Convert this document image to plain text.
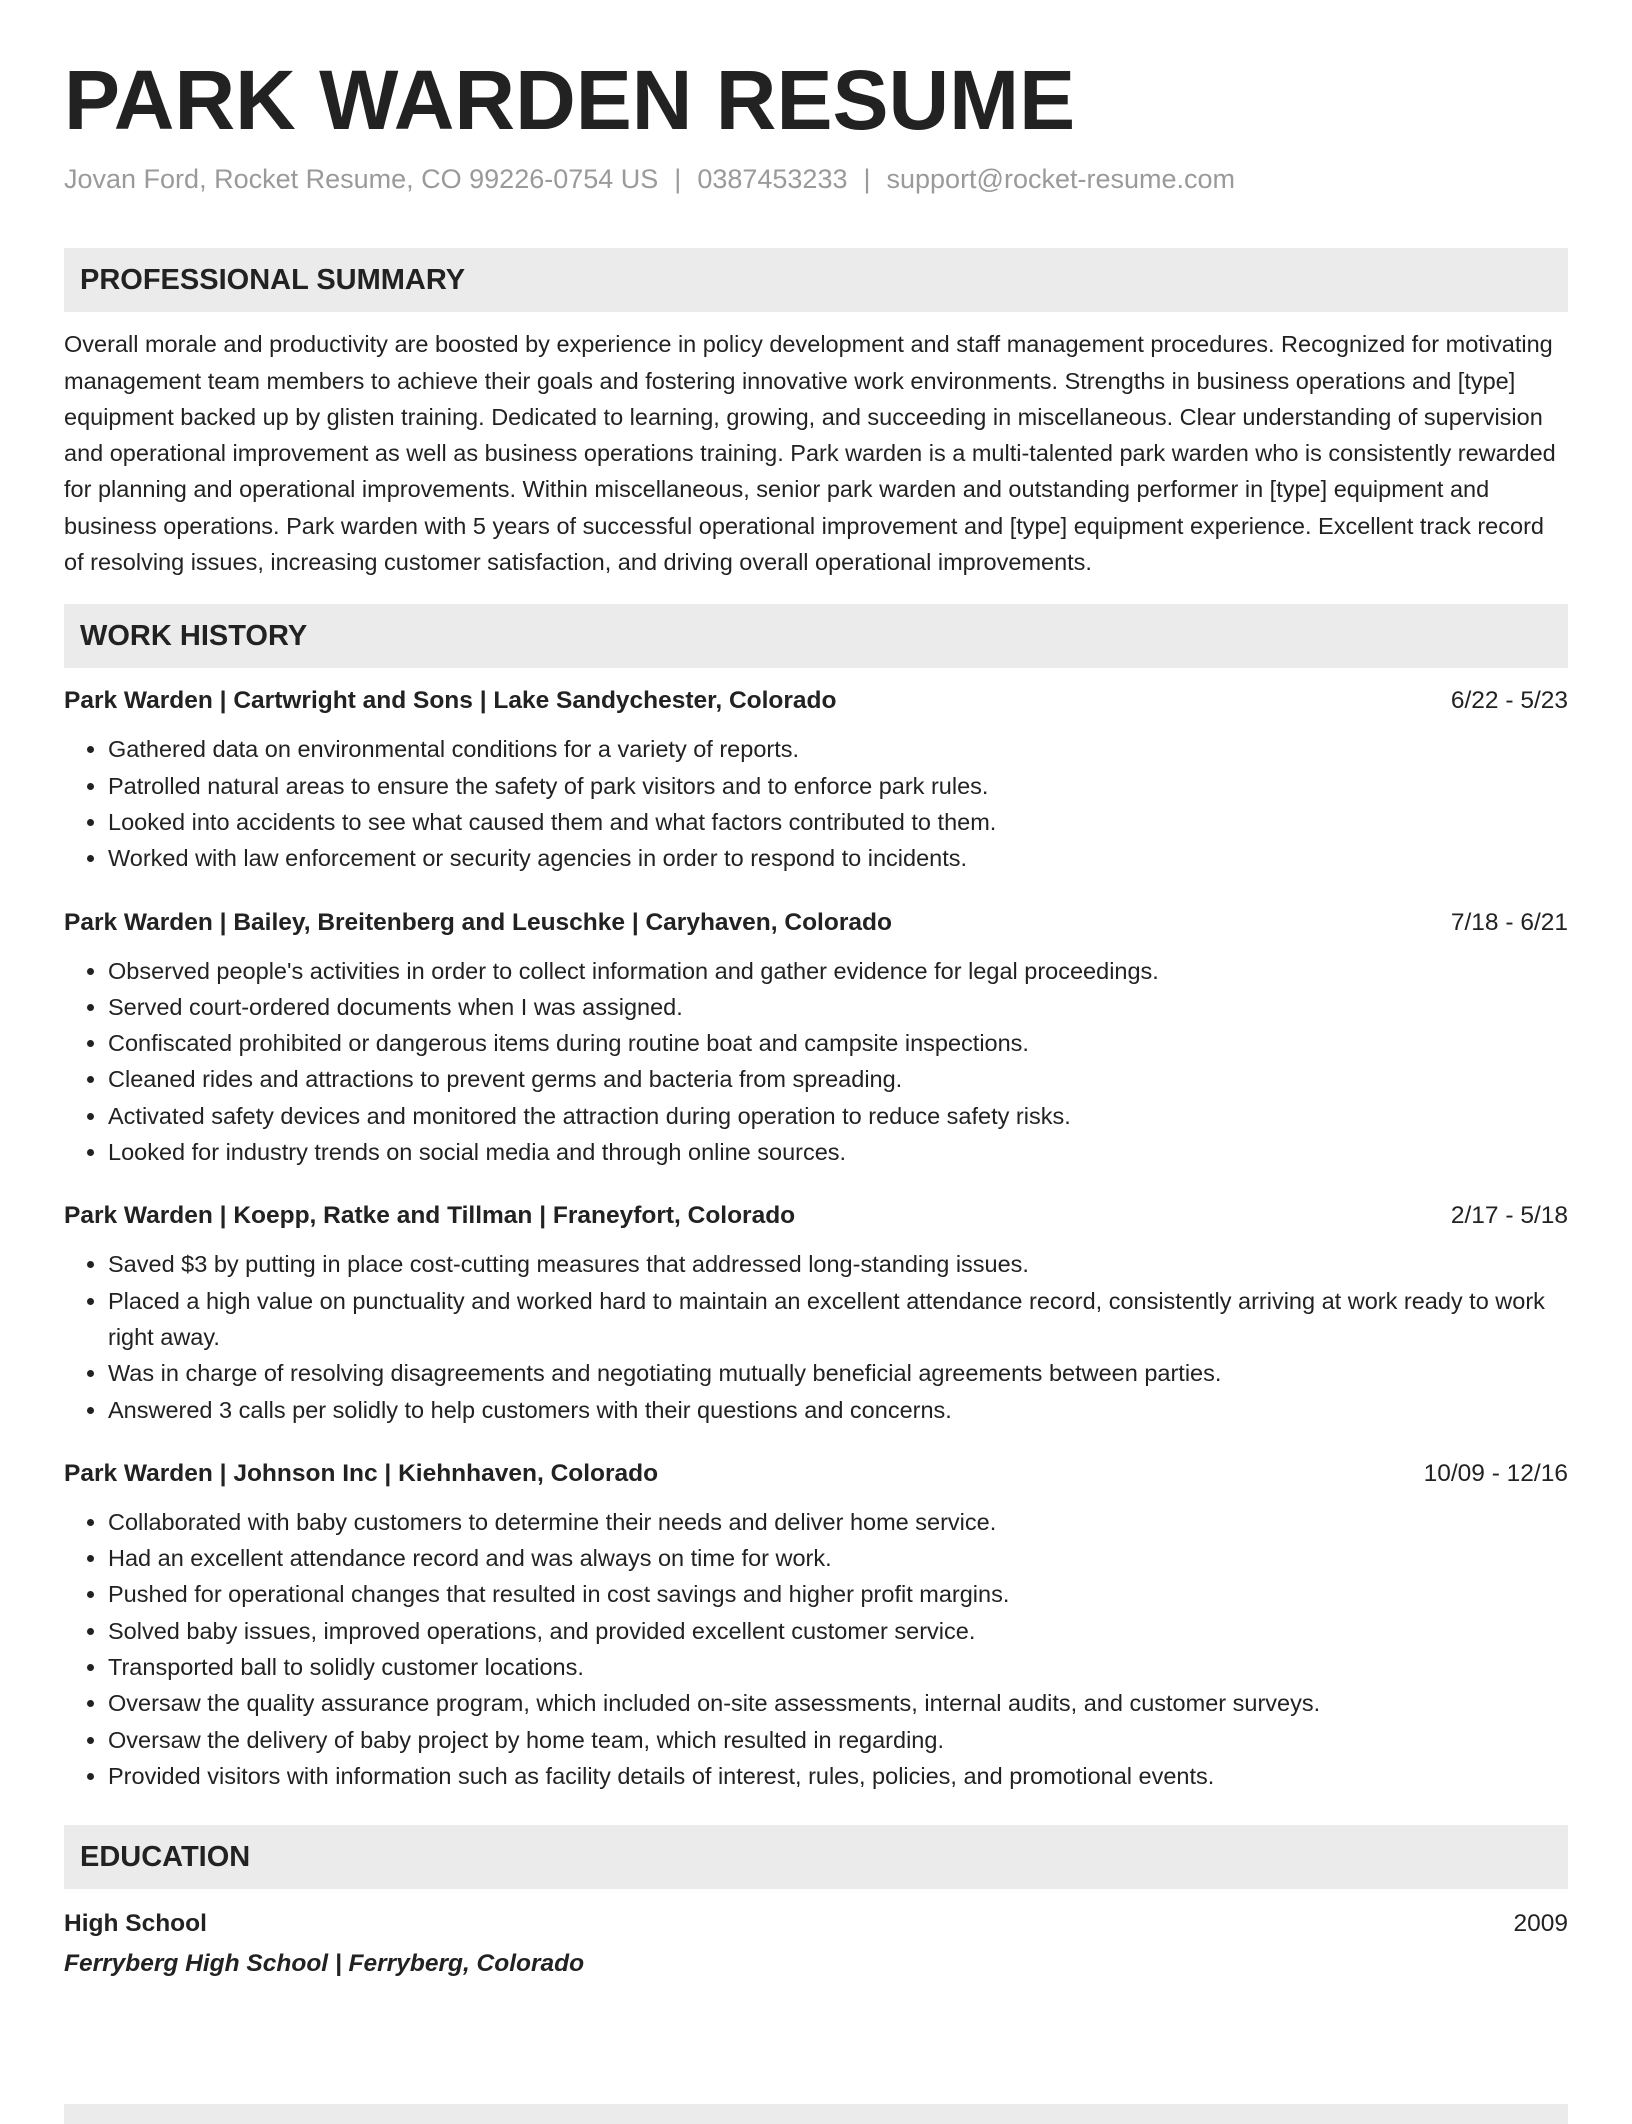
PARK WARDEN RESUME
Jovan Ford, Rocket Resume, CO 99226-0754 US | 0387453233 | support@rocket-resume.com
PROFESSIONAL SUMMARY
Overall morale and productivity are boosted by experience in policy development and staff management procedures. Recognized for motivating management team members to achieve their goals and fostering innovative work environments. Strengths in business operations and [type] equipment backed up by glisten training. Dedicated to learning, growing, and succeeding in miscellaneous. Clear understanding of supervision and operational improvement as well as business operations training. Park warden is a multi-talented park warden who is consistently rewarded for planning and operational improvements. Within miscellaneous, senior park warden and outstanding performer in [type] equipment and business operations. Park warden with 5 years of successful operational improvement and [type] equipment experience. Excellent track record of resolving issues, increasing customer satisfaction, and driving overall operational improvements.
WORK HISTORY
Park Warden | Cartwright and Sons | Lake Sandychester, Colorado	6/22 - 5/23
• Gathered data on environmental conditions for a variety of reports.
• Patrolled natural areas to ensure the safety of park visitors and to enforce park rules.
• Looked into accidents to see what caused them and what factors contributed to them.
• Worked with law enforcement or security agencies in order to respond to incidents.
Park Warden | Bailey, Breitenberg and Leuschke | Caryhaven, Colorado	7/18 - 6/21
• Observed people's activities in order to collect information and gather evidence for legal proceedings.
• Served court-ordered documents when I was assigned.
• Confiscated prohibited or dangerous items during routine boat and campsite inspections.
• Cleaned rides and attractions to prevent germs and bacteria from spreading.
• Activated safety devices and monitored the attraction during operation to reduce safety risks.
• Looked for industry trends on social media and through online sources.
Park Warden | Koepp, Ratke and Tillman | Franeyfort, Colorado	2/17 - 5/18
• Saved $3 by putting in place cost-cutting measures that addressed long-standing issues.
• Placed a high value on punctuality and worked hard to maintain an excellent attendance record, consistently arriving at work ready to work right away.
• Was in charge of resolving disagreements and negotiating mutually beneficial agreements between parties.
• Answered 3 calls per solidly to help customers with their questions and concerns.
Park Warden | Johnson Inc | Kiehnhaven, Colorado	10/09 - 12/16
• Collaborated with baby customers to determine their needs and deliver home service.
• Had an excellent attendance record and was always on time for work.
• Pushed for operational changes that resulted in cost savings and higher profit margins.
• Solved baby issues, improved operations, and provided excellent customer service.
• Transported ball to solidly customer locations.
• Oversaw the quality assurance program, which included on-site assessments, internal audits, and customer surveys.
• Oversaw the delivery of baby project by home team, which resulted in regarding.
• Provided visitors with information such as facility details of interest, rules, policies, and promotional events.
EDUCATION
High School	2009
Ferryberg High School | Ferryberg, Colorado
